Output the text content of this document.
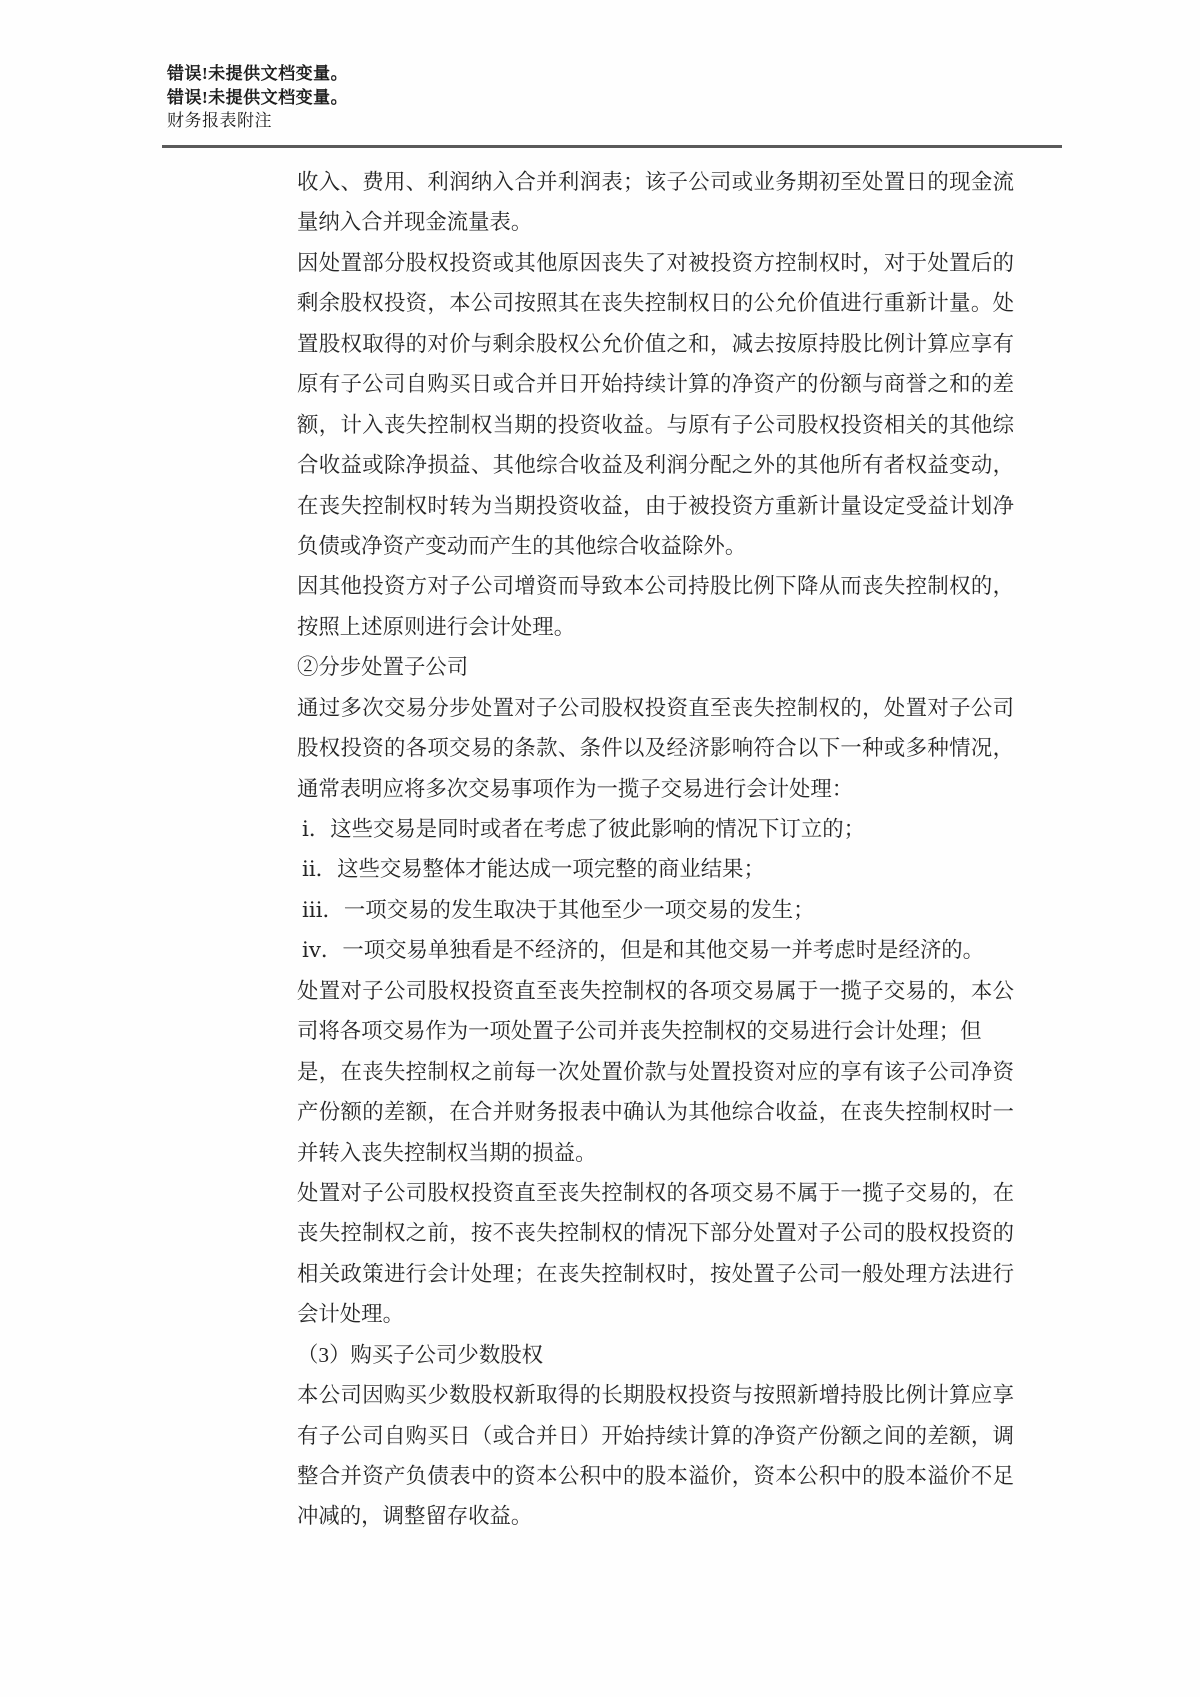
错误!未提供文档变量。
错误!未提供文档变量。
财务报表附注
收入、费用、利润纳入合并利润表；该子公司或业务期初至处置日的现金流
量纳入合并现金流量表。
因处置部分股权投资或其他原因丧失了对被投资方控制权时，对于处置后的
剩余股权投资，本公司按照其在丧失控制权日的公允价值进行重新计量。处
置股权取得的对价与剩余股权公允价值之和，减去按原持股比例计算应享有
原有子公司自购买日或合并日开始持续计算的净资产的份额与商誉之和的差
额，计入丧失控制权当期的投资收益。与原有子公司股权投资相关的其他综
合收益或除净损益、其他综合收益及利润分配之外的其他所有者权益变动，
在丧失控制权时转为当期投资收益，由于被投资方重新计量设定受益计划净
负债或净资产变动而产生的其他综合收益除外。
因其他投资方对子公司增资而导致本公司持股比例下降从而丧失控制权的，
按照上述原则进行会计处理。
②分步处置子公司
通过多次交易分步处置对子公司股权投资直至丧失控制权的，处置对子公司
股权投资的各项交易的条款、条件以及经济影响符合以下一种或多种情况，
通常表明应将多次交易事项作为一揽子交易进行会计处理：
ⅰ．这些交易是同时或者在考虑了彼此影响的情况下订立的；
ⅱ．这些交易整体才能达成一项完整的商业结果；
ⅲ．一项交易的发生取决于其他至少一项交易的发生；
ⅳ．一项交易单独看是不经济的，但是和其他交易一并考虑时是经济的。
处置对子公司股权投资直至丧失控制权的各项交易属于一揽子交易的，本公
司将各项交易作为一项处置子公司并丧失控制权的交易进行会计处理；但
是，在丧失控制权之前每一次处置价款与处置投资对应的享有该子公司净资
产份额的差额，在合并财务报表中确认为其他综合收益，在丧失控制权时一
并转入丧失控制权当期的损益。
处置对子公司股权投资直至丧失控制权的各项交易不属于一揽子交易的，在
丧失控制权之前，按不丧失控制权的情况下部分处置对子公司的股权投资的
相关政策进行会计处理；在丧失控制权时，按处置子公司一般处理方法进行
会计处理。
（3）购买子公司少数股权
本公司因购买少数股权新取得的长期股权投资与按照新增持股比例计算应享
有子公司自购买日（或合并日）开始持续计算的净资产份额之间的差额，调
整合并资产负债表中的资本公积中的股本溢价，资本公积中的股本溢价不足
冲减的，调整留存收益。
